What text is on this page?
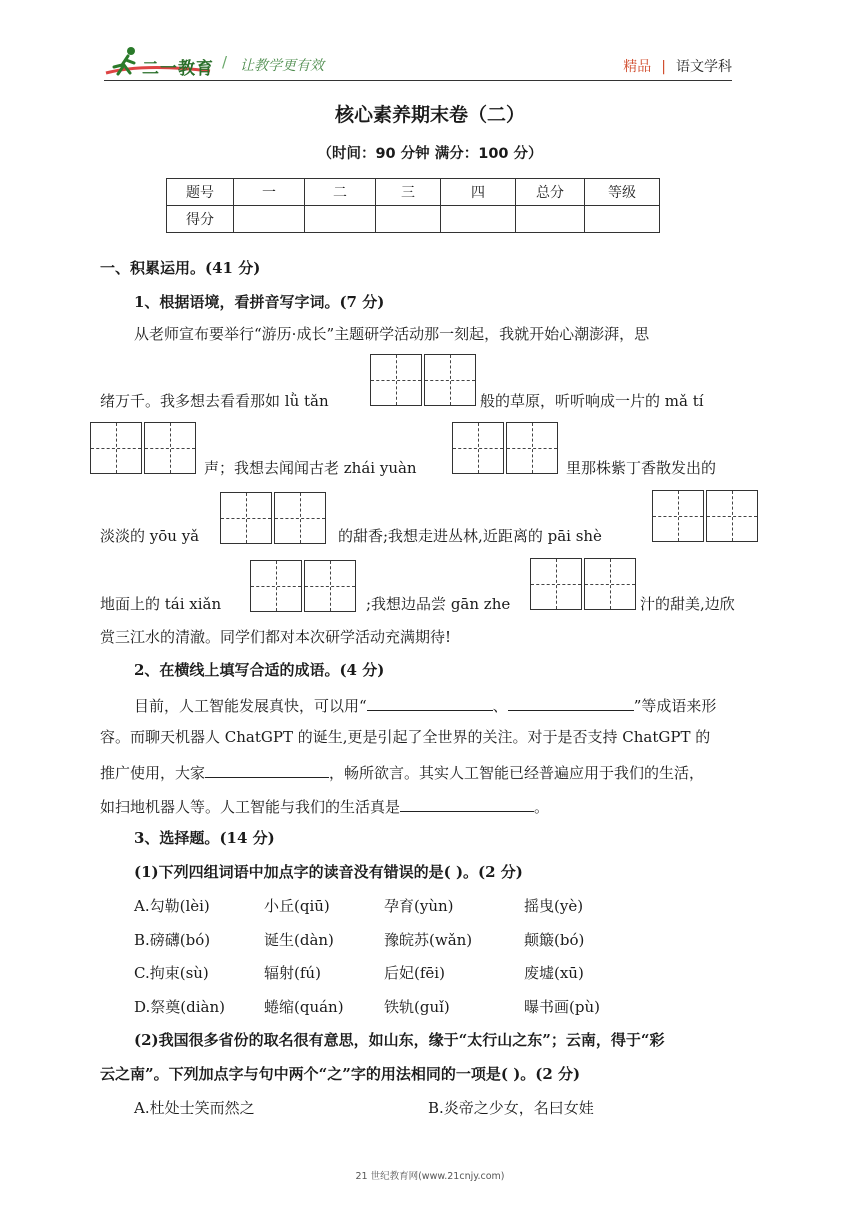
二一教育 / 让教学更有效	精品 | 语文学科
核心素养期末卷（二）
（时间：90 分钟 满分：100 分）
题号	一	二	三	四	总分	等级
得分						
一、积累运用。(41 分)
1、根据语境，看拼音写字词。(7 分)
从老师宣布要举行“游历·成长”主题研学活动那一刻起，我就开始心潮澎湃，思
绪万千。我多想去看看那如 lǜ tǎn	般的草原，听听响成一片的 mǎ tí
声；我想去闻闻古老 zhái yuàn	里那株紫丁香散发出的
淡淡的 yōu yǎ	的甜香;我想走进丛林,近距离的 pāi shè
地面上的 tái xiǎn	;我想边品尝 gān zhe	汁的甜美,边欣
赏三江水的清澈。同学们都对本次研学活动充满期待!
2、在横线上填写合适的成语。(4 分)
目前，人工智能发展真快，可以用“	、	”等成语来形
容。而聊天机器人 ChatGPT 的诞生,更是引起了全世界的关注。对于是否支持 ChatGPT 的
推广使用，大家	，畅所欲言。其实人工智能已经普遍应用于我们的生活，
如扫地机器人等。人工智能与我们的生活真是	。
3、选择题。(14 分)
(1)下列四组词语中加点字的读音没有错误的是( )。(2 分)
A.勾勒(lèi)	小丘(qiū)	孕育(yùn)	摇曳(yè)
B.磅礴(bó)	诞生(dàn)	豫皖苏(wǎn)	颠簸(bó)
C.拘束(sù)	辐射(fú)	后妃(fēi)	废墟(xū)
D.祭奠(diàn)	蜷缩(quán)	铁轨(guǐ)	曝书画(pù)
(2)我国很多省份的取名很有意思，如山东，缘于“太行山之东”；云南，得于“彩
云之南”。下列加点字与句中两个“之”字的用法相同的一项是( )。(2 分)
A.杜处士笑而然之	B.炎帝之少女，名曰女娃
21 世纪教育网(www.21cnjy.com)
